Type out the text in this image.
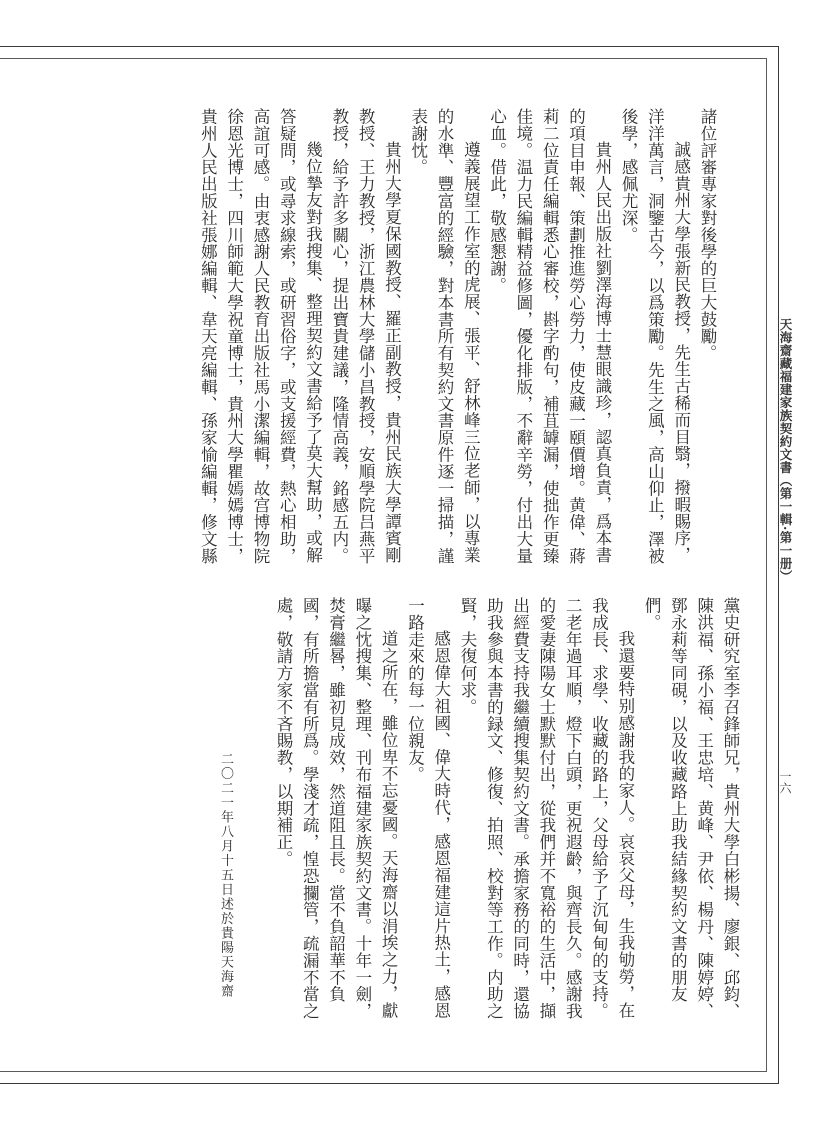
天海齋藏福建家族契約文書（第一輯·第一册）
一六

諸位評審專家對後學的巨大鼓勵。

誠感貴州大學張新民教授，先生古稀而目翳，撥暇賜序，洋洋萬言，洞鑒古今，以爲策勵。先生之風，高山仰止，澤被後學，感佩尤深。

貴州人民出版社劉澤海博士慧眼識珍，認真負責，爲本書的項目申報、策劃推進勞心勞力，使皮藏一頤價增。黄偉、蔣莉二位責任編輯悉心審校，斟字酌句，補苴罅漏，使拙作更臻佳境。温力民編輯精益修圖，優化排版，不辭辛勞，付出大量心血。借此，敬感懇謝。

遵義展望工作室的虎展、張平、舒林峰三位老師，以專業的水準、豐富的經驗，對本書所有契約文書原件逐一掃描，謹表謝忱。

貴州大學夏保國教授、羅正副教授，貴州民族大學譚賓剛教授、王力教授，浙江農林大學儲小昌教授，安順學院吕燕平教授，給予許多關心，提出寶貴建議，隆情高義，銘感五内。

幾位摯友對我搜集、整理契約文書給予了莫大幫助，或解答疑問，或尋求線索，或研習俗字，或支援經費，熱心相助，高誼可感。由衷感謝人民教育出版社馬小潔編輯，故宫博物院徐恩光博士，四川師範大學祝童博士，貴州大學瞿嫣嫣博士，貴州人民出版社張娜編輯、韋天亮編輯、孫家愉編輯，修文縣

黨史研究室李召鋒師兄，貴州大學白彬揚、廖銀、邱鈞、陳洪福、孫小福、王忠培、黄峰、尹依、楊丹、陳婷婷、鄧永莉等同硯，以及收藏路上助我結緣契約文書的朋友們。

我還要特别感謝我的家人。哀哀父母，生我劬勞，在我成長、求學、收藏的路上，父母給予了沉甸甸的支持。二老年過耳順，燈下白頭，更祝遐齡，與齊長久。感謝我的愛妻陳陽女士默默付出，從我們并不寬裕的生活中，擷出經費支持我繼續搜集契約文書。承擔家務的同時，還協助我參與本書的録文、修復、拍照、校對等工作。内助之賢，夫復何求。

感恩偉大祖國、偉大時代，感恩福建這片热土，感恩一路走來的每一位親友。

道之所在，雖位卑不忘憂國。天海齋以涓埃之力，獻曝之忱搜集、整理、刊布福建家族契約文書。十年一劍，焚膏繼晷，雖初見成效，然道阻且長。當不負韶華不負國，有所擔當有所爲。學淺才疏，惶恐攔管，疏漏不當之處，敬請方家不吝賜教，以期補正。

二〇二一年八月十五日述於貴陽天海齋
